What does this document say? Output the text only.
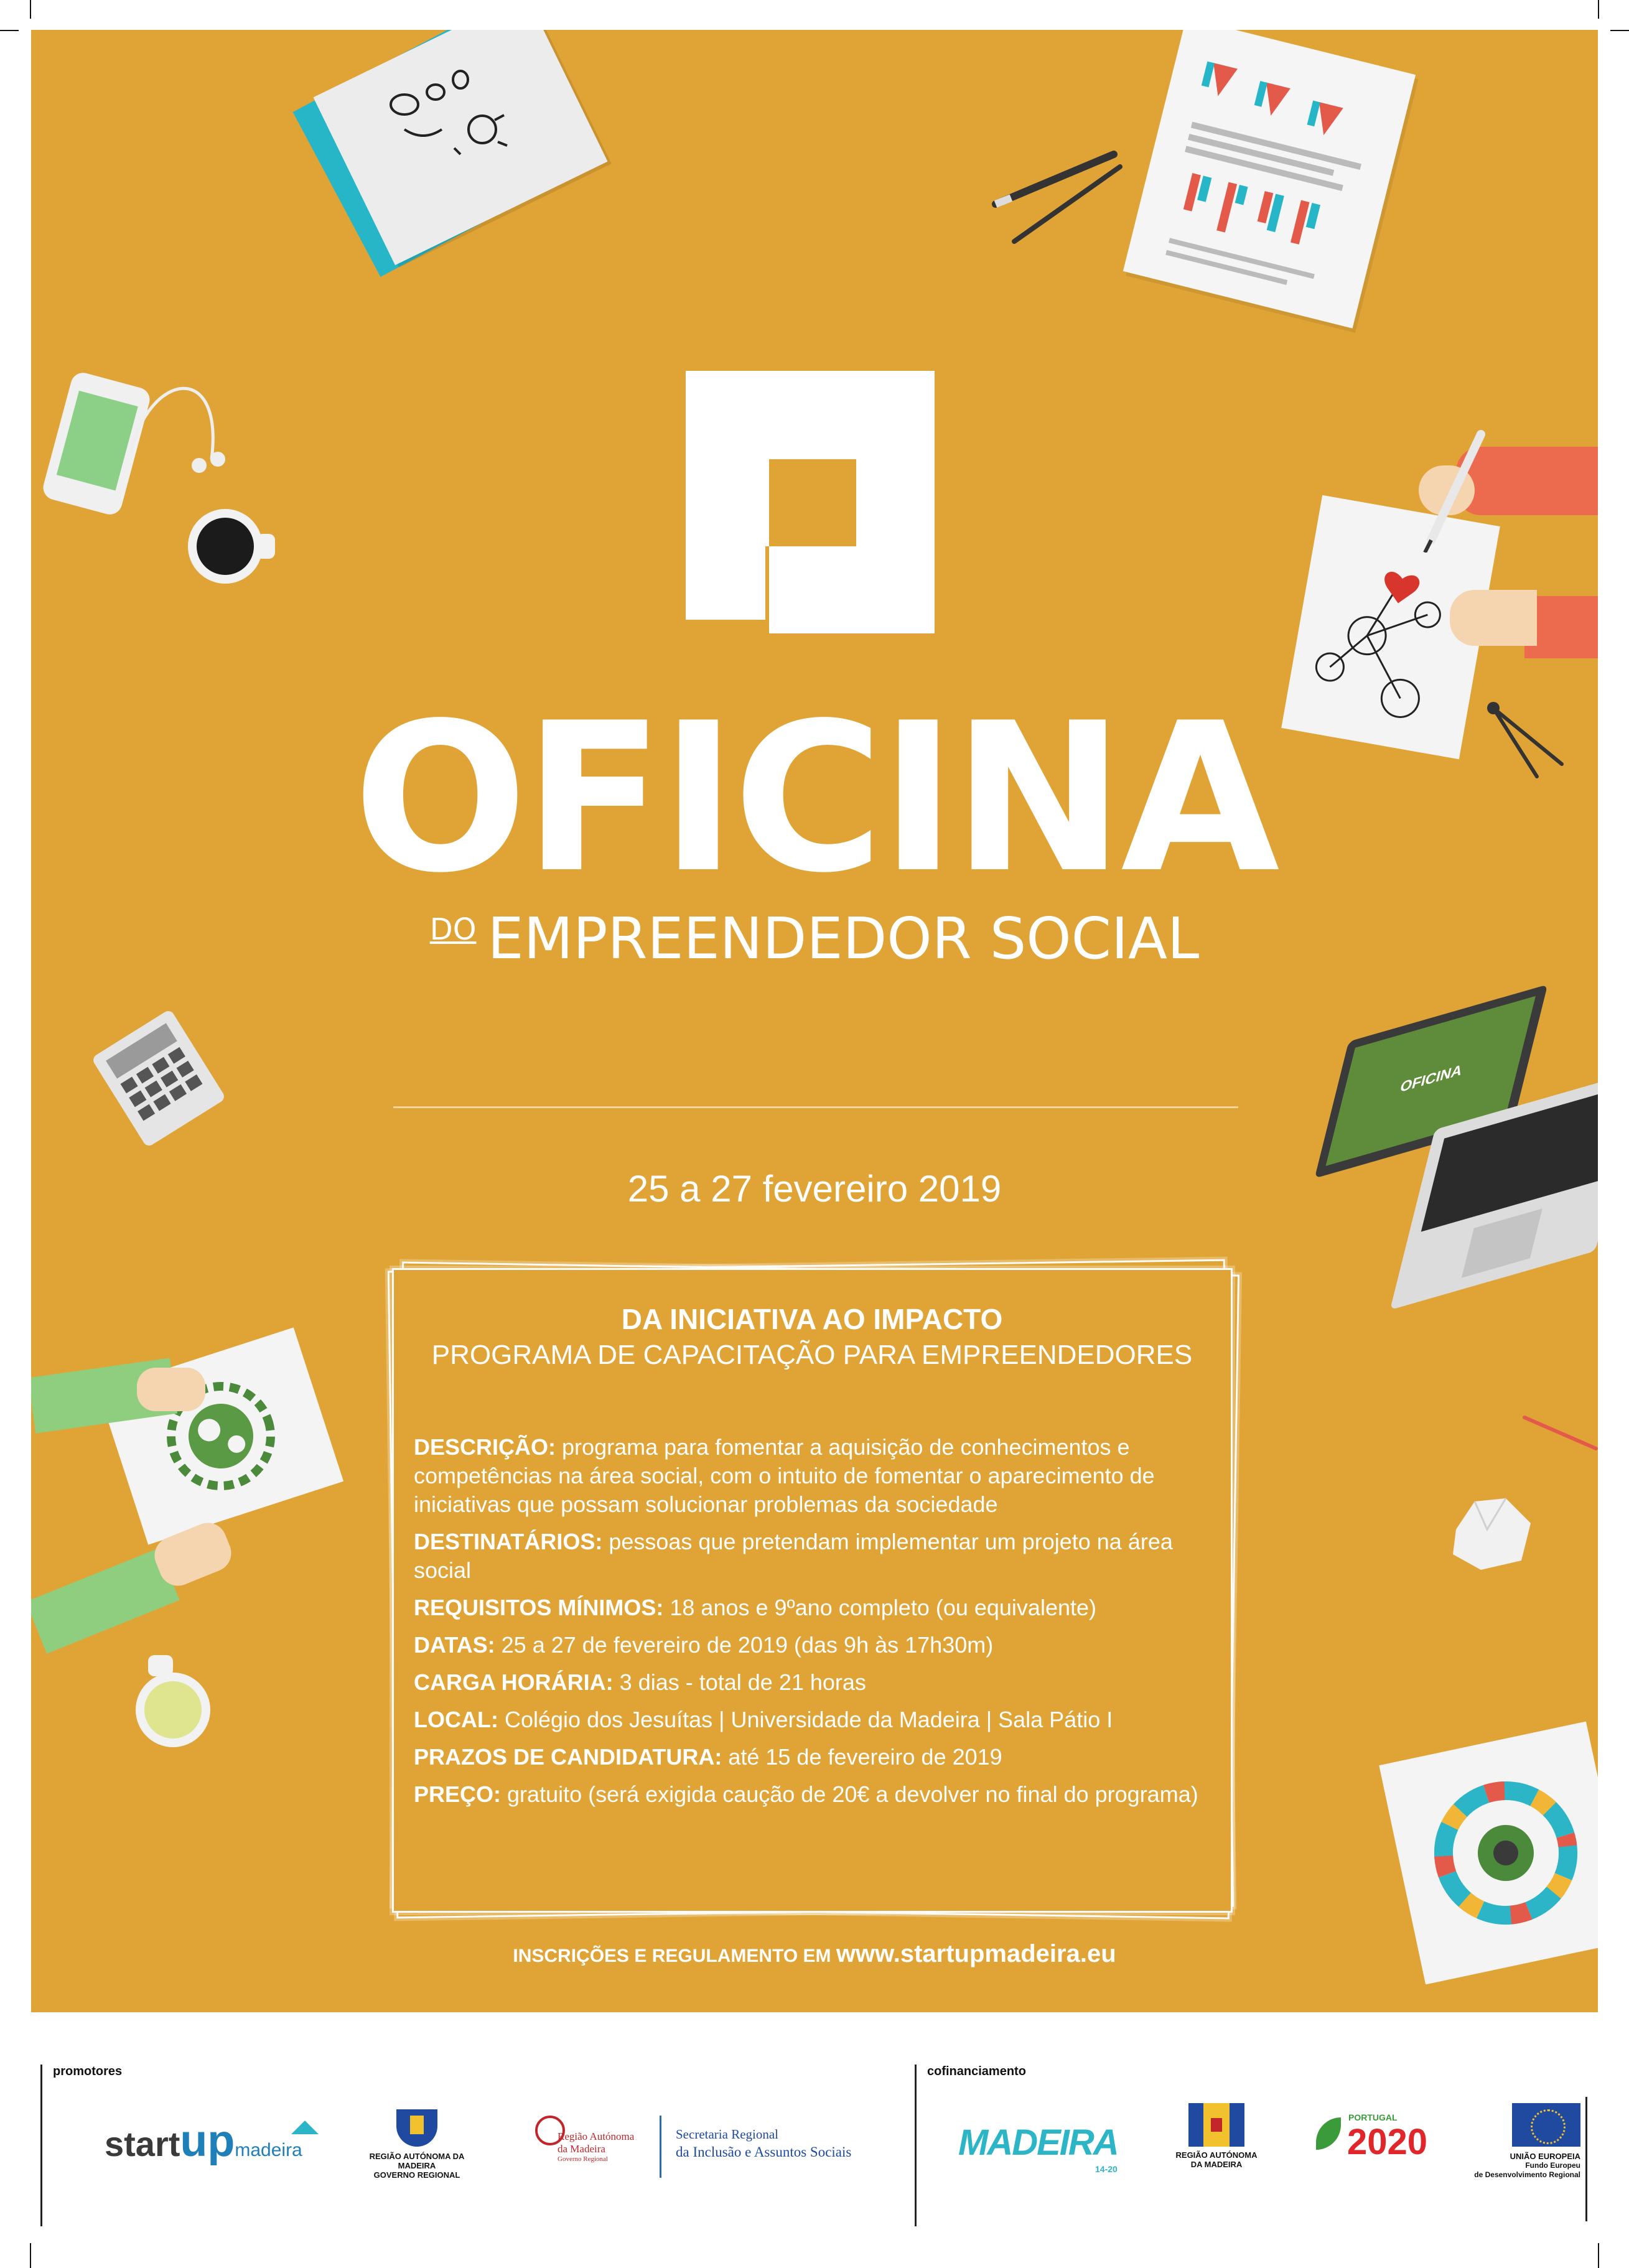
OFICINA
$^{DO}$ EMPREENDEDOR SOCIAL
OFICINA
25 a 27 fevereiro 2019
DA INICIATIVA AO IMPACTO
PROGRAMA DE CAPACITAÇÃO PARA EMPREENDEDORES
DESCRIÇÃO: programa para fomentar a aquisição de conhecimentos e competências na área social, com o intuito de fomentar o aparecimento de iniciativas que possam solucionar problemas da sociedade
DESTINATÁRIOS: pessoas que pretendam implementar um projeto na área social
REQUISITOS MÍNIMOS: 18 anos e 9ºano completo (ou equivalente)
DATAS: 25 a 27 de fevereiro de 2019 (das 9h às 17h30m)
CARGA HORÁRIA: 3 dias - total de 21 horas
LOCAL: Colégio dos Jesuítas | Universidade da Madeira | Sala Pátio I
PRAZOS DE CANDIDATURA: até 15 de fevereiro de 2019
PREÇO: gratuito (será exigida caução de 20€ a devolver no final do programa)
INSCRIÇÕES E REGULAMENTO EM www.startupmadeira.eu
promotores	cofinanciamento
startupmadeira	REGIÃO AUTÓNOMA DA MADEIRA
GOVERNO REGIONAL
Região Autónoma
da Madeira
Governo Regional
Secretaria Regional
da Inclusão e Assuntos Sociais	MADEIRA
14-20
REGIÃO AUTÓNOMA
DA MADEIRA
PORTUGAL
2020	UNIÃO EUROPEIA
Fundo Europeu
de Desenvolvimento Regional
